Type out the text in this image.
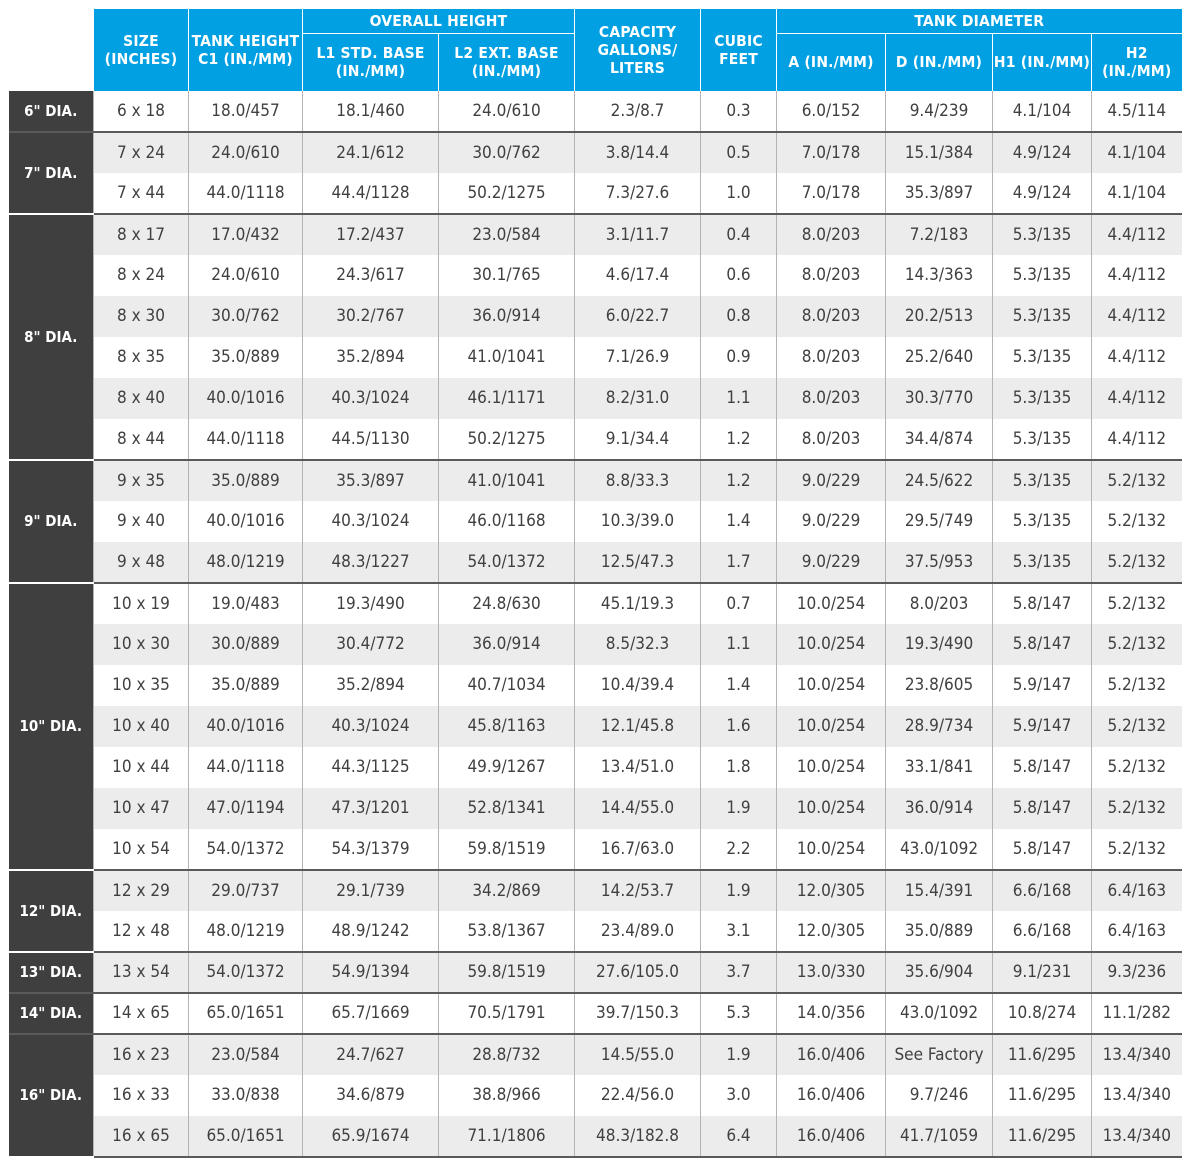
	SIZE (INCHES)	TANK HEIGHT C1 (IN./MM)	OVERALL HEIGHT		CAPACITY GALLONS/ LITERS	CUBIC FEET	TANK DIAMETER			
			L1 STD. BASE (IN./MM)	L2 EXT. BASE (IN./MM)			A (IN./MM)	D (IN./MM)	H1 (IN./MM)	H2 (IN./MM)
6" DIA.	6 x 18	18.0/457	18.1/460	24.0/610	2.3/8.7	0.3	6.0/152	9.4/239	4.1/104	4.5/114
7" DIA.	7 x 24	24.0/610	24.1/612	30.0/762	3.8/14.4	0.5	7.0/178	15.1/384	4.9/124	4.1/104
	7 x 44	44.0/1118	44.4/1128	50.2/1275	7.3/27.6	1.0	7.0/178	35.3/897	4.9/124	4.1/104
8" DIA.	8 x 17	17.0/432	17.2/437	23.0/584	3.1/11.7	0.4	8.0/203	7.2/183	5.3/135	4.4/112
	8 x 24	24.0/610	24.3/617	30.1/765	4.6/17.4	0.6	8.0/203	14.3/363	5.3/135	4.4/112
	8 x 30	30.0/762	30.2/767	36.0/914	6.0/22.7	0.8	8.0/203	20.2/513	5.3/135	4.4/112
	8 x 35	35.0/889	35.2/894	41.0/1041	7.1/26.9	0.9	8.0/203	25.2/640	5.3/135	4.4/112
	8 x 40	40.0/1016	40.3/1024	46.1/1171	8.2/31.0	1.1	8.0/203	30.3/770	5.3/135	4.4/112
	8 x 44	44.0/1118	44.5/1130	50.2/1275	9.1/34.4	1.2	8.0/203	34.4/874	5.3/135	4.4/112
9" DIA.	9 x 35	35.0/889	35.3/897	41.0/1041	8.8/33.3	1.2	9.0/229	24.5/622	5.3/135	5.2/132
	9 x 40	40.0/1016	40.3/1024	46.0/1168	10.3/39.0	1.4	9.0/229	29.5/749	5.3/135	5.2/132
	9 x 48	48.0/1219	48.3/1227	54.0/1372	12.5/47.3	1.7	9.0/229	37.5/953	5.3/135	5.2/132
10" DIA.	10 x 19	19.0/483	19.3/490	24.8/630	45.1/19.3	0.7	10.0/254	8.0/203	5.8/147	5.2/132
	10 x 30	30.0/889	30.4/772	36.0/914	8.5/32.3	1.1	10.0/254	19.3/490	5.8/147	5.2/132
	10 x 35	35.0/889	35.2/894	40.7/1034	10.4/39.4	1.4	10.0/254	23.8/605	5.9/147	5.2/132
	10 x 40	40.0/1016	40.3/1024	45.8/1163	12.1/45.8	1.6	10.0/254	28.9/734	5.9/147	5.2/132
	10 x 44	44.0/1118	44.3/1125	49.9/1267	13.4/51.0	1.8	10.0/254	33.1/841	5.8/147	5.2/132
	10 x 47	47.0/1194	47.3/1201	52.8/1341	14.4/55.0	1.9	10.0/254	36.0/914	5.8/147	5.2/132
	10 x 54	54.0/1372	54.3/1379	59.8/1519	16.7/63.0	2.2	10.0/254	43.0/1092	5.8/147	5.2/132
12" DIA.	12 x 29	29.0/737	29.1/739	34.2/869	14.2/53.7	1.9	12.0/305	15.4/391	6.6/168	6.4/163
	12 x 48	48.0/1219	48.9/1242	53.8/1367	23.4/89.0	3.1	12.0/305	35.0/889	6.6/168	6.4/163
13" DIA.	13 x 54	54.0/1372	54.9/1394	59.8/1519	27.6/105.0	3.7	13.0/330	35.6/904	9.1/231	9.3/236
14" DIA.	14 x 65	65.0/1651	65.7/1669	70.5/1791	39.7/150.3	5.3	14.0/356	43.0/1092	10.8/274	11.1/282
16" DIA.	16 x 23	23.0/584	24.7/627	28.8/732	14.5/55.0	1.9	16.0/406	See Factory	11.6/295	13.4/340
	16 x 33	33.0/838	34.6/879	38.8/966	22.4/56.0	3.0	16.0/406	9.7/246	11.6/295	13.4/340
	16 x 65	65.0/1651	65.9/1674	71.1/1806	48.3/182.8	6.4	16.0/406	41.7/1059	11.6/295	13.4/340
